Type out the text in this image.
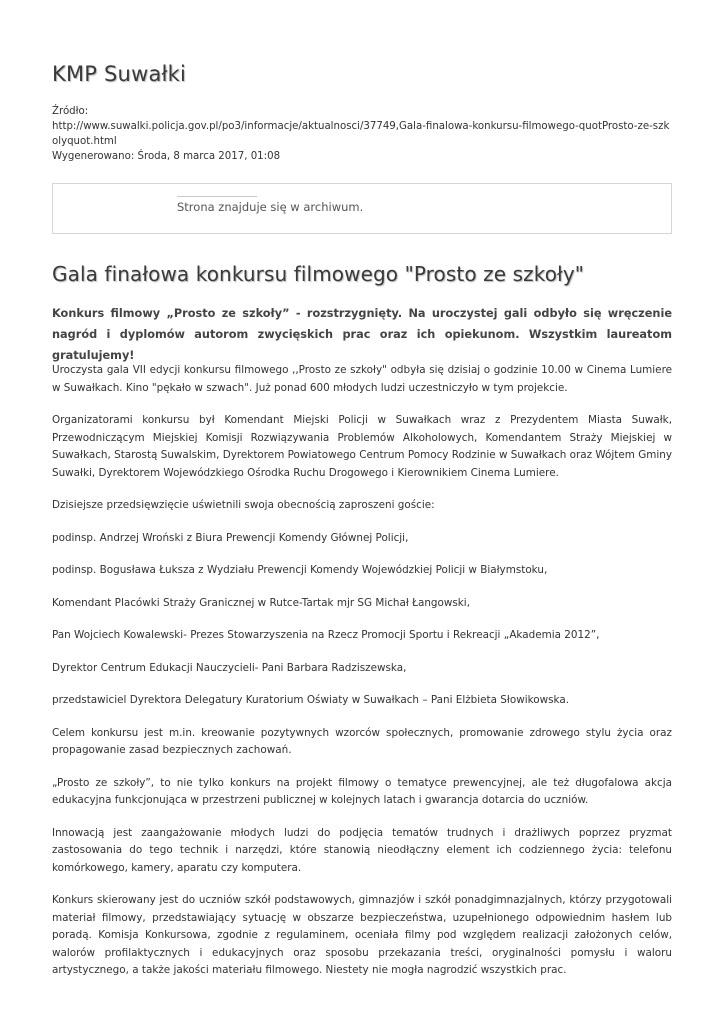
KMP Suwałki
Źródło:
http://www.suwalki.policja.gov.pl/po3/informacje/aktualnosci/37749,Gala-finalowa-konkursu-filmowego-quotProsto-ze-szkolyquot.html
Wygenerowano: Środa, 8 marca 2017, 01:08
Strona znajduje się w archiwum.
Gala finałowa konkursu filmowego "Prosto ze szkoły"

Konkurs filmowy „Prosto ze szkoły” - rozstrzygnięty. Na uroczystej gali odbyło się wręczenie nagród i dyplomów autorom zwycięskich prac oraz ich opiekunom. Wszystkim laureatom gratulujemy!

Uroczysta gala VII edycji konkursu filmowego ,,Prosto ze szkoły" odbyła się dzisiaj o godzinie 10.00 w Cinema Lumiere w Suwałkach. Kino "pękało w szwach". Już ponad 600 młodych ludzi uczestniczyło w tym projekcie.

Organizatorami konkursu był Komendant Miejski Policji w Suwałkach wraz z Prezydentem Miasta Suwałk, Przewodniczącym Miejskiej Komisji Rozwiązywania Problemów Alkoholowych, Komendantem Straży Miejskiej w Suwałkach, Starostą Suwalskim, Dyrektorem Powiatowego Centrum Pomocy Rodzinie w Suwałkach oraz Wójtem Gminy Suwałki, Dyrektorem Wojewódzkiego Ośrodka Ruchu Drogowego i Kierownikiem Cinema Lumiere.

Dzisiejsze przedsięwzięcie uświetnili swoja obecnością zaproszeni goście:

podinsp. Andrzej Wroński z Biura Prewencji Komendy Głównej Policji,

podinsp. Bogusława Łuksza z Wydziału Prewencji Komendy Wojewódzkiej Policji w Białymstoku,

Komendant Placówki Straży Granicznej w Rutce-Tartak mjr SG Michał Łangowski,

Pan Wojciech Kowalewski- Prezes Stowarzyszenia na Rzecz Promocji Sportu i Rekreacji „Akademia 2012”,

Dyrektor Centrum Edukacji Nauczycieli- Pani Barbara Radziszewska,

przedstawiciel Dyrektora Delegatury Kuratorium Oświaty w Suwałkach – Pani Elżbieta Słowikowska.

Celem konkursu jest m.in. kreowanie pozytywnych wzorców społecznych, promowanie zdrowego stylu życia oraz propagowanie zasad bezpiecznych zachowań.

„Prosto ze szkoły”, to nie tylko konkurs na projekt filmowy o tematyce prewencyjnej, ale też długofalowa akcja edukacyjna funkcjonująca w przestrzeni publicznej w kolejnych latach i gwarancja dotarcia do uczniów.

Innowacją jest zaangażowanie młodych ludzi do podjęcia tematów trudnych i drażliwych poprzez pryzmat zastosowania do tego technik i narzędzi, które stanowią nieodłączny element ich codziennego życia: telefonu komórkowego, kamery, aparatu czy komputera.

Konkurs skierowany jest do uczniów szkół podstawowych, gimnazjów i szkół ponadgimnazjalnych, którzy przygotowali materiał filmowy, przedstawiający sytuację w obszarze bezpieczeństwa, uzupełnionego odpowiednim hasłem lub poradą. Komisja Konkursowa, zgodnie z regulaminem, oceniała filmy pod względem realizacji założonych celów, walorów profilaktycznych i edukacyjnych oraz sposobu przekazania treści, oryginalności pomysłu i waloru artystycznego, a także jakości materiału filmowego. Niestety nie mogła nagrodzić wszystkich prac.
